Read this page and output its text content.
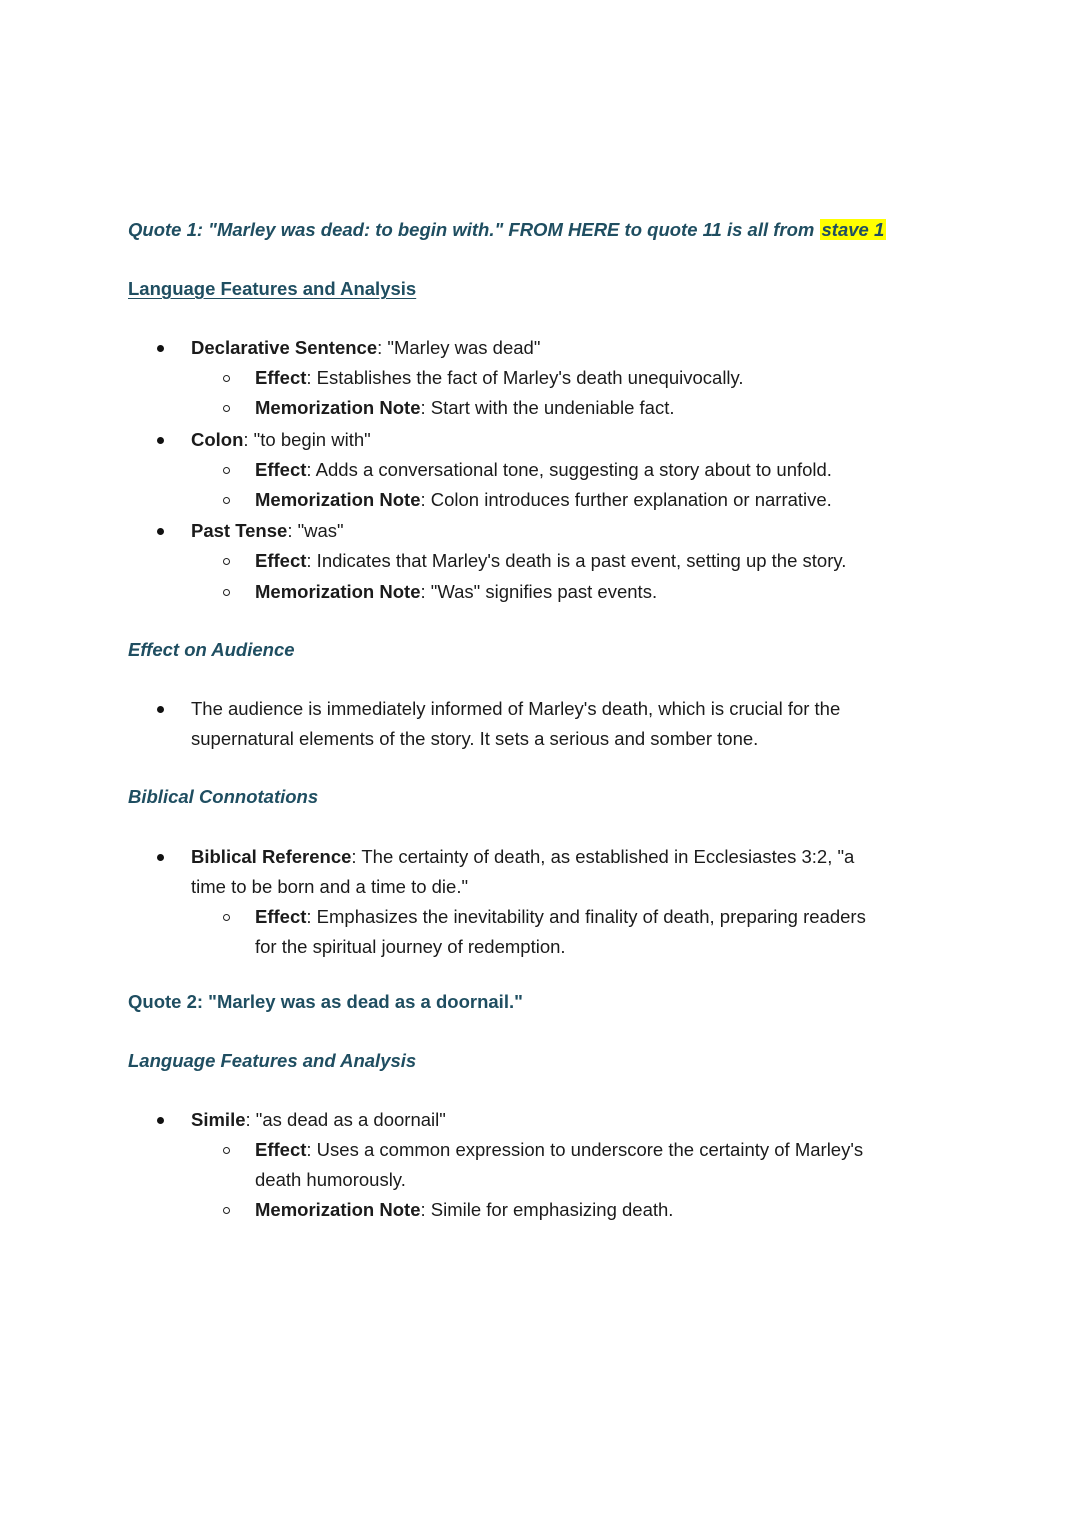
Quote 1: "Marley was dead: to begin with." FROM HERE to quote 11 is all from stave 1
Language Features and Analysis
Declarative Sentence: "Marley was dead"
Effect: Establishes the fact of Marley's death unequivocally.
Memorization Note: Start with the undeniable fact.
Colon: "to begin with"
Effect: Adds a conversational tone, suggesting a story about to unfold.
Memorization Note: Colon introduces further explanation or narrative.
Past Tense: "was"
Effect: Indicates that Marley's death is a past event, setting up the story.
Memorization Note: "Was" signifies past events.
Effect on Audience
The audience is immediately informed of Marley's death, which is crucial for the
supernatural elements of the story. It sets a serious and somber tone.
Biblical Connotations
Biblical Reference: The certainty of death, as established in Ecclesiastes 3:2, "a
time to be born and a time to die."
Effect: Emphasizes the inevitability and finality of death, preparing readers
for the spiritual journey of redemption.
Quote 2: "Marley was as dead as a doornail."
Language Features and Analysis
Simile: "as dead as a doornail"
Effect: Uses a common expression to underscore the certainty of Marley's
death humorously.
Memorization Note: Simile for emphasizing death.
